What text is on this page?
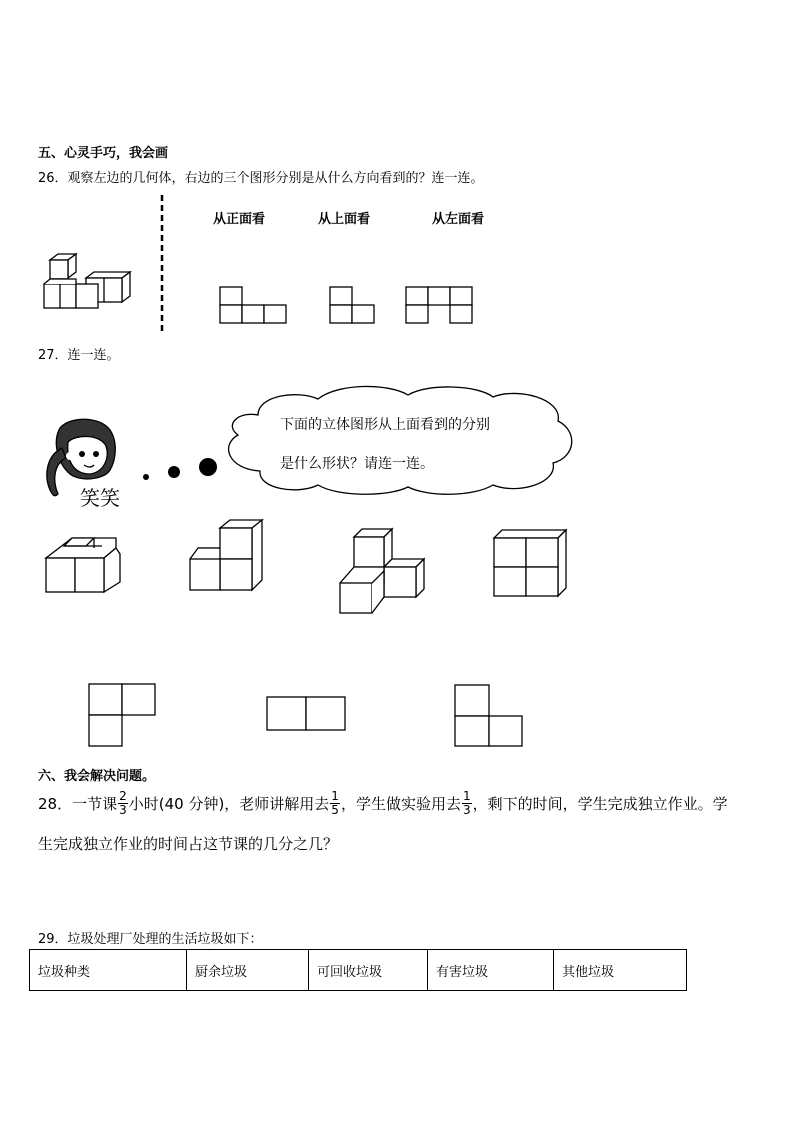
五、心灵手巧，我会画
26．观察左边的几何体，右边的三个图形分别是从什么方向看到的？连一连。
从正面看	从上面看	从左面看
27．连一连。
笑笑
下面的立体图形从上面看到的分别
是什么形状？请连一连。
六、我会解决问题。
28．一节课 $\frac{2}{3}$ 小时(40 分钟)，老师讲解用去 $\frac{1}{5}$ ，学生做实验用去 $\frac{1}{3}$ ，剩下的时间，学生完成独立作业。学
生完成独立作业的时间占这节课的几分之几？
29．垃圾处理厂处理的生活垃圾如下：
垃圾种类	厨余垃圾	可回收垃圾	有害垃圾	其他垃圾
